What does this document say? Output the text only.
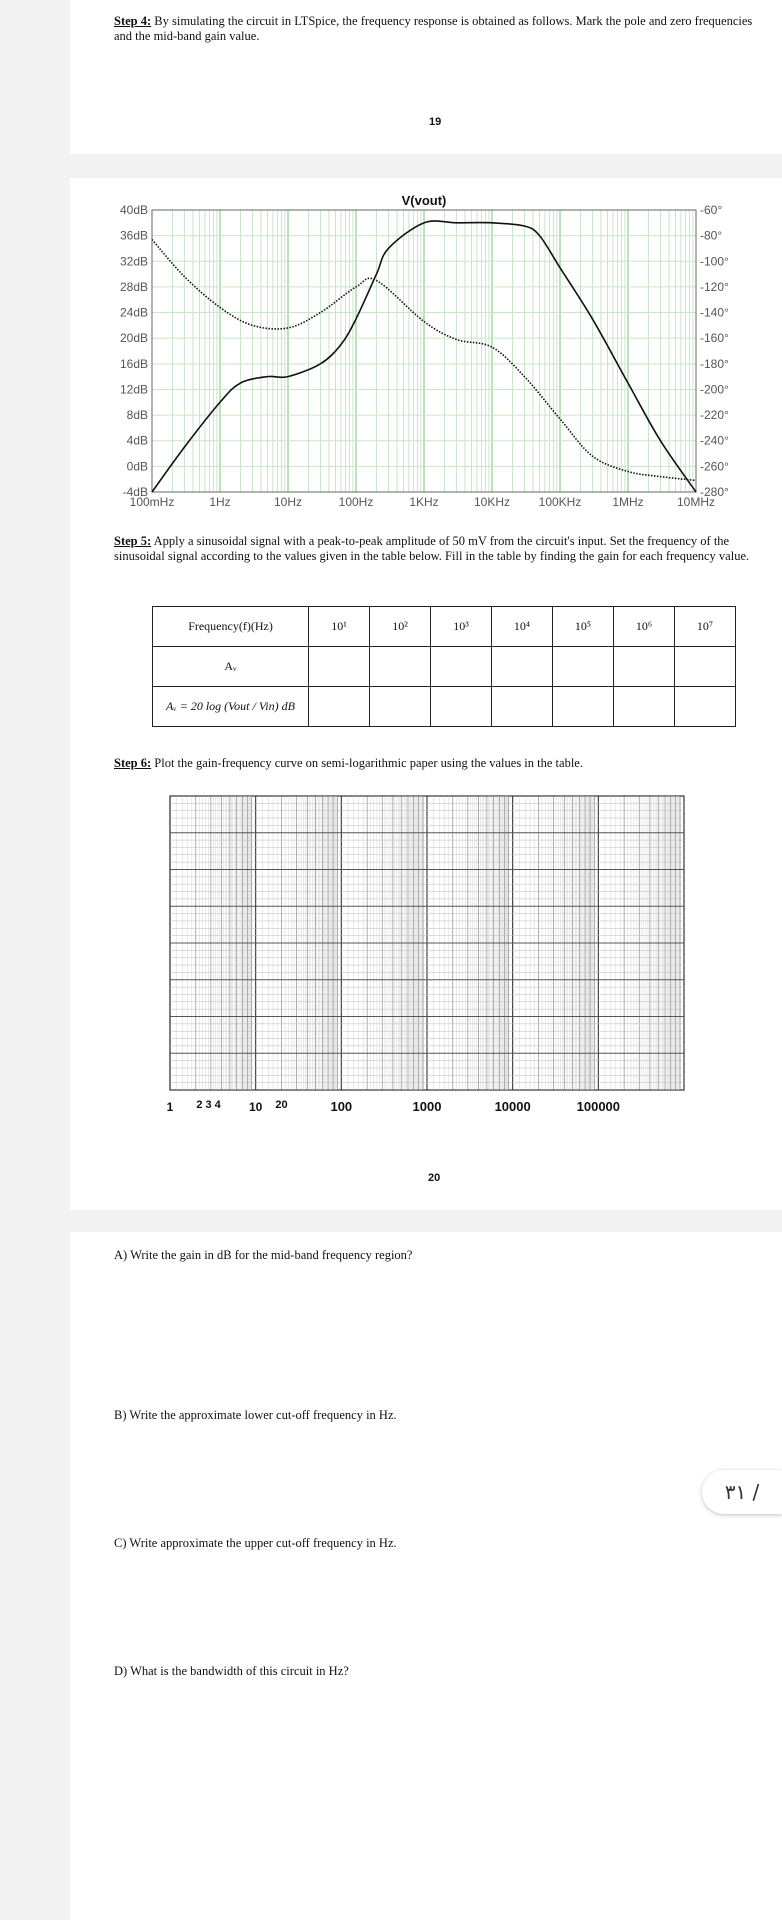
Step 4: By simulating the circuit in LTSpice, the frequency response is obtained as follows. Mark the pole and zero frequencies and the mid-band gain value.
19
V(vout)
40dB
36dB
32dB
28dB
24dB
20dB
16dB
12dB
8dB
4dB
0dB
-4dB
-60°
-80°
-100°
-120°
-140°
-160°
-180°
-200°
-220°
-240°
-260°
-280°
100mHz	1Hz	10Hz	100Hz	1KHz	10KHz 100KHz	1MHz	10MHz
Step 5: Apply a sinusoidal signal with a peak-to-peak amplitude of 50 mV from the circuit's input. Set the frequency of the sinusoidal signal according to the values given in the table below. Fill in the table by finding the gain for each frequency value.
Frequency(f)(Hz)	10¹	10²	10³	10⁴	10⁵	10⁶	10⁷
Aᵥ							
Aᵥ = 20 log (Vout / Vin) dB							
Step 6: Plot the gain-frequency curve on semi-logarithmic paper using the values in the table.
1 2 3 4 10 20	100	1000	10000	100000
20
A) Write the gain in dB for the mid-band frequency region?
B) Write the approximate lower cut-off frequency in Hz.
C) Write approximate the upper cut-off frequency in Hz.
D) What is the bandwidth of this circuit in Hz?
٣١ /
